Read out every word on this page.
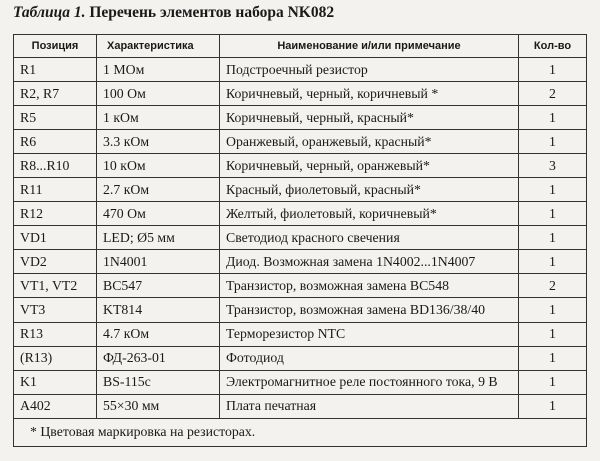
Таблица 1. Перечень элементов набора NK082
Позиция	Характеристика	Наименование и/или примечание	Кол-во
R1	1 МОм	Подстроечный резистор	1
R2, R7	100 Ом	Коричневый, черный, коричневый *	2
R5	1 кОм	Коричневый, черный, красный*	1
R6	3.3 кОм	Оранжевый, оранжевый, красный*	1
R8...R10	10 кОм	Коричневый, черный, оранжевый*	3
R11	2.7 кОм	Красный, фиолетовый, красный*	1
R12	470 Ом	Желтый, фиолетовый, коричневый*	1
VD1	LED; Ø5 мм	Светодиод красного свечения	1
VD2	1N4001	Диод. Возможная замена 1N4002...1N4007	1
VT1, VT2	BC547	Транзистор, возможная замена BC548	2
VT3	KT814	Транзистор, возможная замена BD136/38/40	1
R13	4.7 кОм	Терморезистор NTC	1
(R13)	ФД-263-01	Фотодиод	1
K1	BS-115c	Электромагнитное реле постоянного тока, 9 В	1
A402	55×30 мм	Плата печатная	1
* Цветовая маркировка на резисторах.			
